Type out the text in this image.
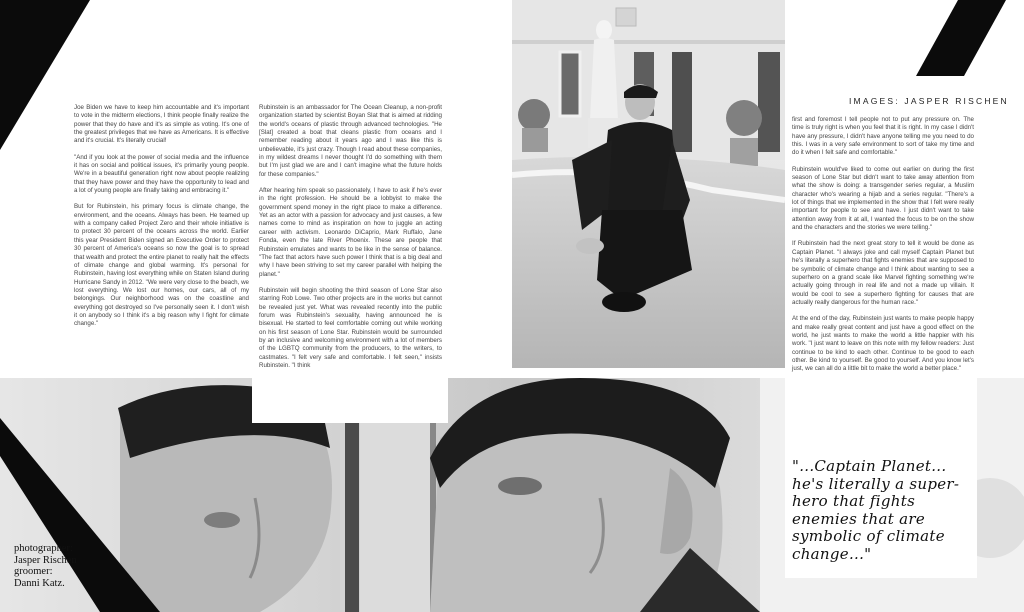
IMAGES: JASPER RISCHEN

Joe Biden we have to keep him accountable and it's important to vote in the midterm elections, I think people finally realize the power that they do have and it's as simple as voting. It's one of the greatest privileges that we have as Americans. It is effective and it's crucial. It's literally crucial!

"And if you look at the power of social media and the influence it has on social and political issues, it's primarily young people. We're in a beautiful generation right now about people realizing that they have power and they have the opportunity to lead and a lot of young people are finally taking and embracing it."

But for Rubinstein, his primary focus is climate change, the environment, and the oceans. Always has been. He teamed up with a company called Project Zero and their whole initiative is to protect 30 percent of the oceans across the world. Earlier this year President Biden signed an Executive Order to protect 30 percent of America's oceans so now the goal is to spread that wealth and protect the entire planet to really halt the effects of climate change and global warming. It's personal for Rubinstein, having lost everything while on Staten Island during Hurricane Sandy in 2012. "We were very close to the beach, we lost everything. We lost our homes, our cars, all of my belongings. Our neighborhood was on the coastline and everything got destroyed so I've personally seen it. I don't wish it on anybody so I think it's a big reason why I fight for climate change."

Rubinstein is an ambassador for The Ocean Cleanup, a non-profit organization started by scientist Boyan Slat that is aimed at ridding the world's oceans of plastic through advanced technologies. "He [Slat] created a boat that cleans plastic from oceans and I remember reading about it years ago and I was like this is unbelievable, it's just crazy. Though I read about these companies, in my wildest dreams I never thought I'd do something with them but I'm just glad we are and I can't imagine what the future holds for these companies."

After hearing him speak so passionately, I have to ask if he's ever in the right profession. He should be a lobbyist to make the government spend money in the right place to make a difference. Yet as an actor with a passion for advocacy and just causes, a few names come to mind as inspiration on how to juggle an acting career with activism. Leonardo DiCaprio, Mark Ruffalo, Jane Fonda, even the late River Phoenix. These are people that Rubinstein emulates and wants to be like in the sense of balance. "The fact that actors have such power I think that is a big deal and why I have been striving to set my career parallel with helping the planet."

Rubinstein will begin shooting the third season of Lone Star also starring Rob Lowe. Two other projects are in the works but cannot be revealed just yet. What was revealed recently into the public forum was Rubinstein's sexuality, having announced he is bisexual. He started to feel comfortable coming out while working on his first season of Lone Star. Rubinstein would be surrounded by an inclusive and welcoming environment with a lot of members of the LGBTQ community from the producers, to the writers, to castmates. "I felt very safe and comfortable. I felt seen," insists Rubinstein. "I think

first and foremost I tell people not to put any pressure on. The time is truly right is when you feel that it is right. In my case I didn't have any pressure, I didn't have anyone telling me you need to do this. I was in a very safe environment to sort of take my time and do it when I felt safe and comfortable."

Rubinstein would've liked to come out earlier on during the first season of Lone Star but didn't want to take away attention from what the show is doing: a transgender series regular, a Muslim character who's wearing a hijab and a series regular. "There's a lot of things that we implemented in the show that I felt were really important for people to see and have. I just didn't want to take attention away from it at all, I wanted the focus to be on the show and the characters and the stories we were telling."

If Rubinstein had the next great story to tell it would be done as Captain Planet. "I always joke and call myself Captain Planet but he's literally a superhero that fights enemies that are supposed to be symbolic of climate change and I think about wanting to see a superhero on a grand scale like Marvel fighting something we're actually going through in real life and not a made up villain. It would be cool to see a superhero fighting for causes that are actually really dangerous for the human race."

At the end of the day, Rubinstein just wants to make people happy and make really great content and just have a good effect on the world, he just wants to make the world a little happier with his work. "I just want to leave on this note with my fellow readers: Just continue to be kind to each other. Continue to be good to each other. Be kind to yourself. Be good to yourself. And you know let's just, we can all do a little bit to make the world a better place."

"...Captain Planet... he's literally a super-hero that fights enemies that are symbolic of climate change..."
photographer:
Jasper Rischen
groomer:
Danni Katz.
